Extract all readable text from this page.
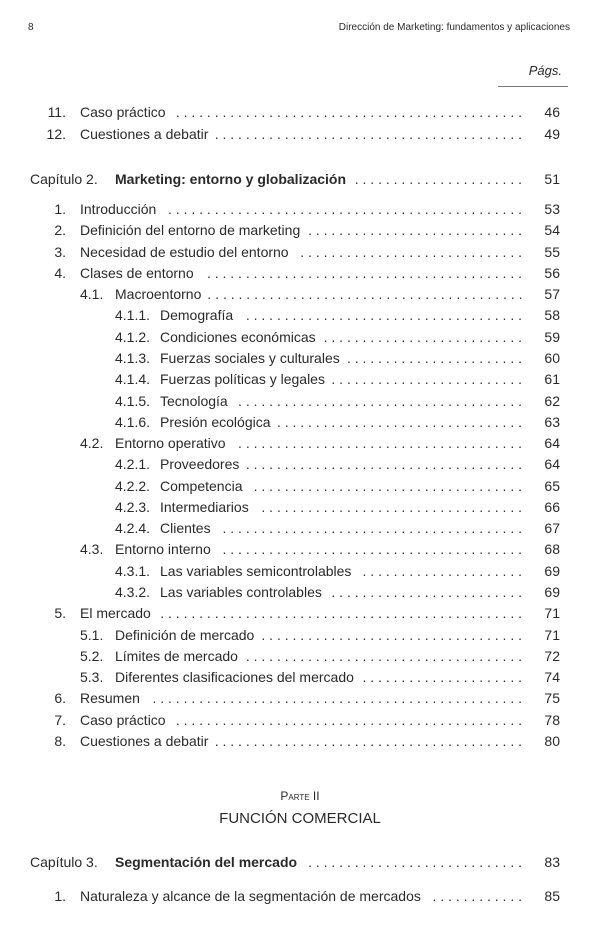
8	Dirección de Marketing: fundamentos y aplicaciones
Págs.
11.	Caso práctico . . . . . . . . . . . . . . . . . . . . . . . . . . . . . . . . . . . . . . . . . . . . .	46
12.	Cuestiones a debatir . . . . . . . . . . . . . . . . . . . . . . . . . . . . . . . . . . . . . . . .	49
Capítulo 2.	Marketing: entorno y globalización . . . . . . . . . . . . . . . . . . . . . .	51
1.	Introducción . . . . . . . . . . . . . . . . . . . . . . . . . . . . . . . . . . . . . . . . . . . . . .	53
2.	Definición del entorno de marketing . . . . . . . . . . . . . . . . . . . . . . . . . . . .	54
3.	Necesidad de estudio del entorno . . . . . . . . . . . . . . . . . . . . . . . . . . . . .	55
4.	Clases de entorno . . . . . . . . . . . . . . . . . . . . . . . . . . . . . . . . . . . . . . . . .	56
4.1. Macroentorno . . . . . . . . . . . . . . . . . . . . . . . . . . . . . . . . . . . . . . . . .	57
4.1.1. Demografía . . . . . . . . . . . . . . . . . . . . . . . . . . . . . . . . . . . .	58
4.1.2. Condiciones económicas . . . . . . . . . . . . . . . . . . . . . . . . . .	59
4.1.3. Fuerzas sociales y culturales . . . . . . . . . . . . . . . . . . . . . . .	60
4.1.4. Fuerzas políticas y legales . . . . . . . . . . . . . . . . . . . . . . . . .	61
4.1.5. Tecnología . . . . . . . . . . . . . . . . . . . . . . . . . . . . . . . . . . . . .	62
4.1.6. Presión ecológica . . . . . . . . . . . . . . . . . . . . . . . . . . . . . . . .	63
4.2. Entorno operativo . . . . . . . . . . . . . . . . . . . . . . . . . . . . . . . . . . . . .	64
4.2.1. Proveedores . . . . . . . . . . . . . . . . . . . . . . . . . . . . . . . . . . . .	64
4.2.2. Competencia . . . . . . . . . . . . . . . . . . . . . . . . . . . . . . . . . . .	65
4.2.3. Intermediarios . . . . . . . . . . . . . . . . . . . . . . . . . . . . . . . . . .	66
4.2.4. Clientes . . . . . . . . . . . . . . . . . . . . . . . . . . . . . . . . . . . . . . .	67
4.3. Entorno interno . . . . . . . . . . . . . . . . . . . . . . . . . . . . . . . . . . . . . . .	68
4.3.1. Las variables semicontrolables . . . . . . . . . . . . . . . . . . . . .	69
4.3.2. Las variables controlables . . . . . . . . . . . . . . . . . . . . . . . . .	69
5.	El mercado . . . . . . . . . . . . . . . . . . . . . . . . . . . . . . . . . . . . . . . . . . . . . . .	71
5.1. Definición de mercado . . . . . . . . . . . . . . . . . . . . . . . . . . . . . . . . . .	71
5.2. Límites de mercado . . . . . . . . . . . . . . . . . . . . . . . . . . . . . . . . . . . .	72
5.3. Diferentes clasificaciones del mercado . . . . . . . . . . . . . . . . . . . . .	74
6.	Resumen . . . . . . . . . . . . . . . . . . . . . . . . . . . . . . . . . . . . . . . . . . . . . . . .	75
7.	Caso práctico . . . . . . . . . . . . . . . . . . . . . . . . . . . . . . . . . . . . . . . . . . . . .	78
8.	Cuestiones a debatir . . . . . . . . . . . . . . . . . . . . . . . . . . . . . . . . . . . . . . . .	80
Capítulo 3.	Segmentación del mercado . . . . . . . . . . . . . . . . . . . . . . . . . . . .	83
1.	Naturaleza y alcance de la segmentación de mercados . . . . . . . . . . . .	85
Parte II
FUNCIÓN COMERCIAL
